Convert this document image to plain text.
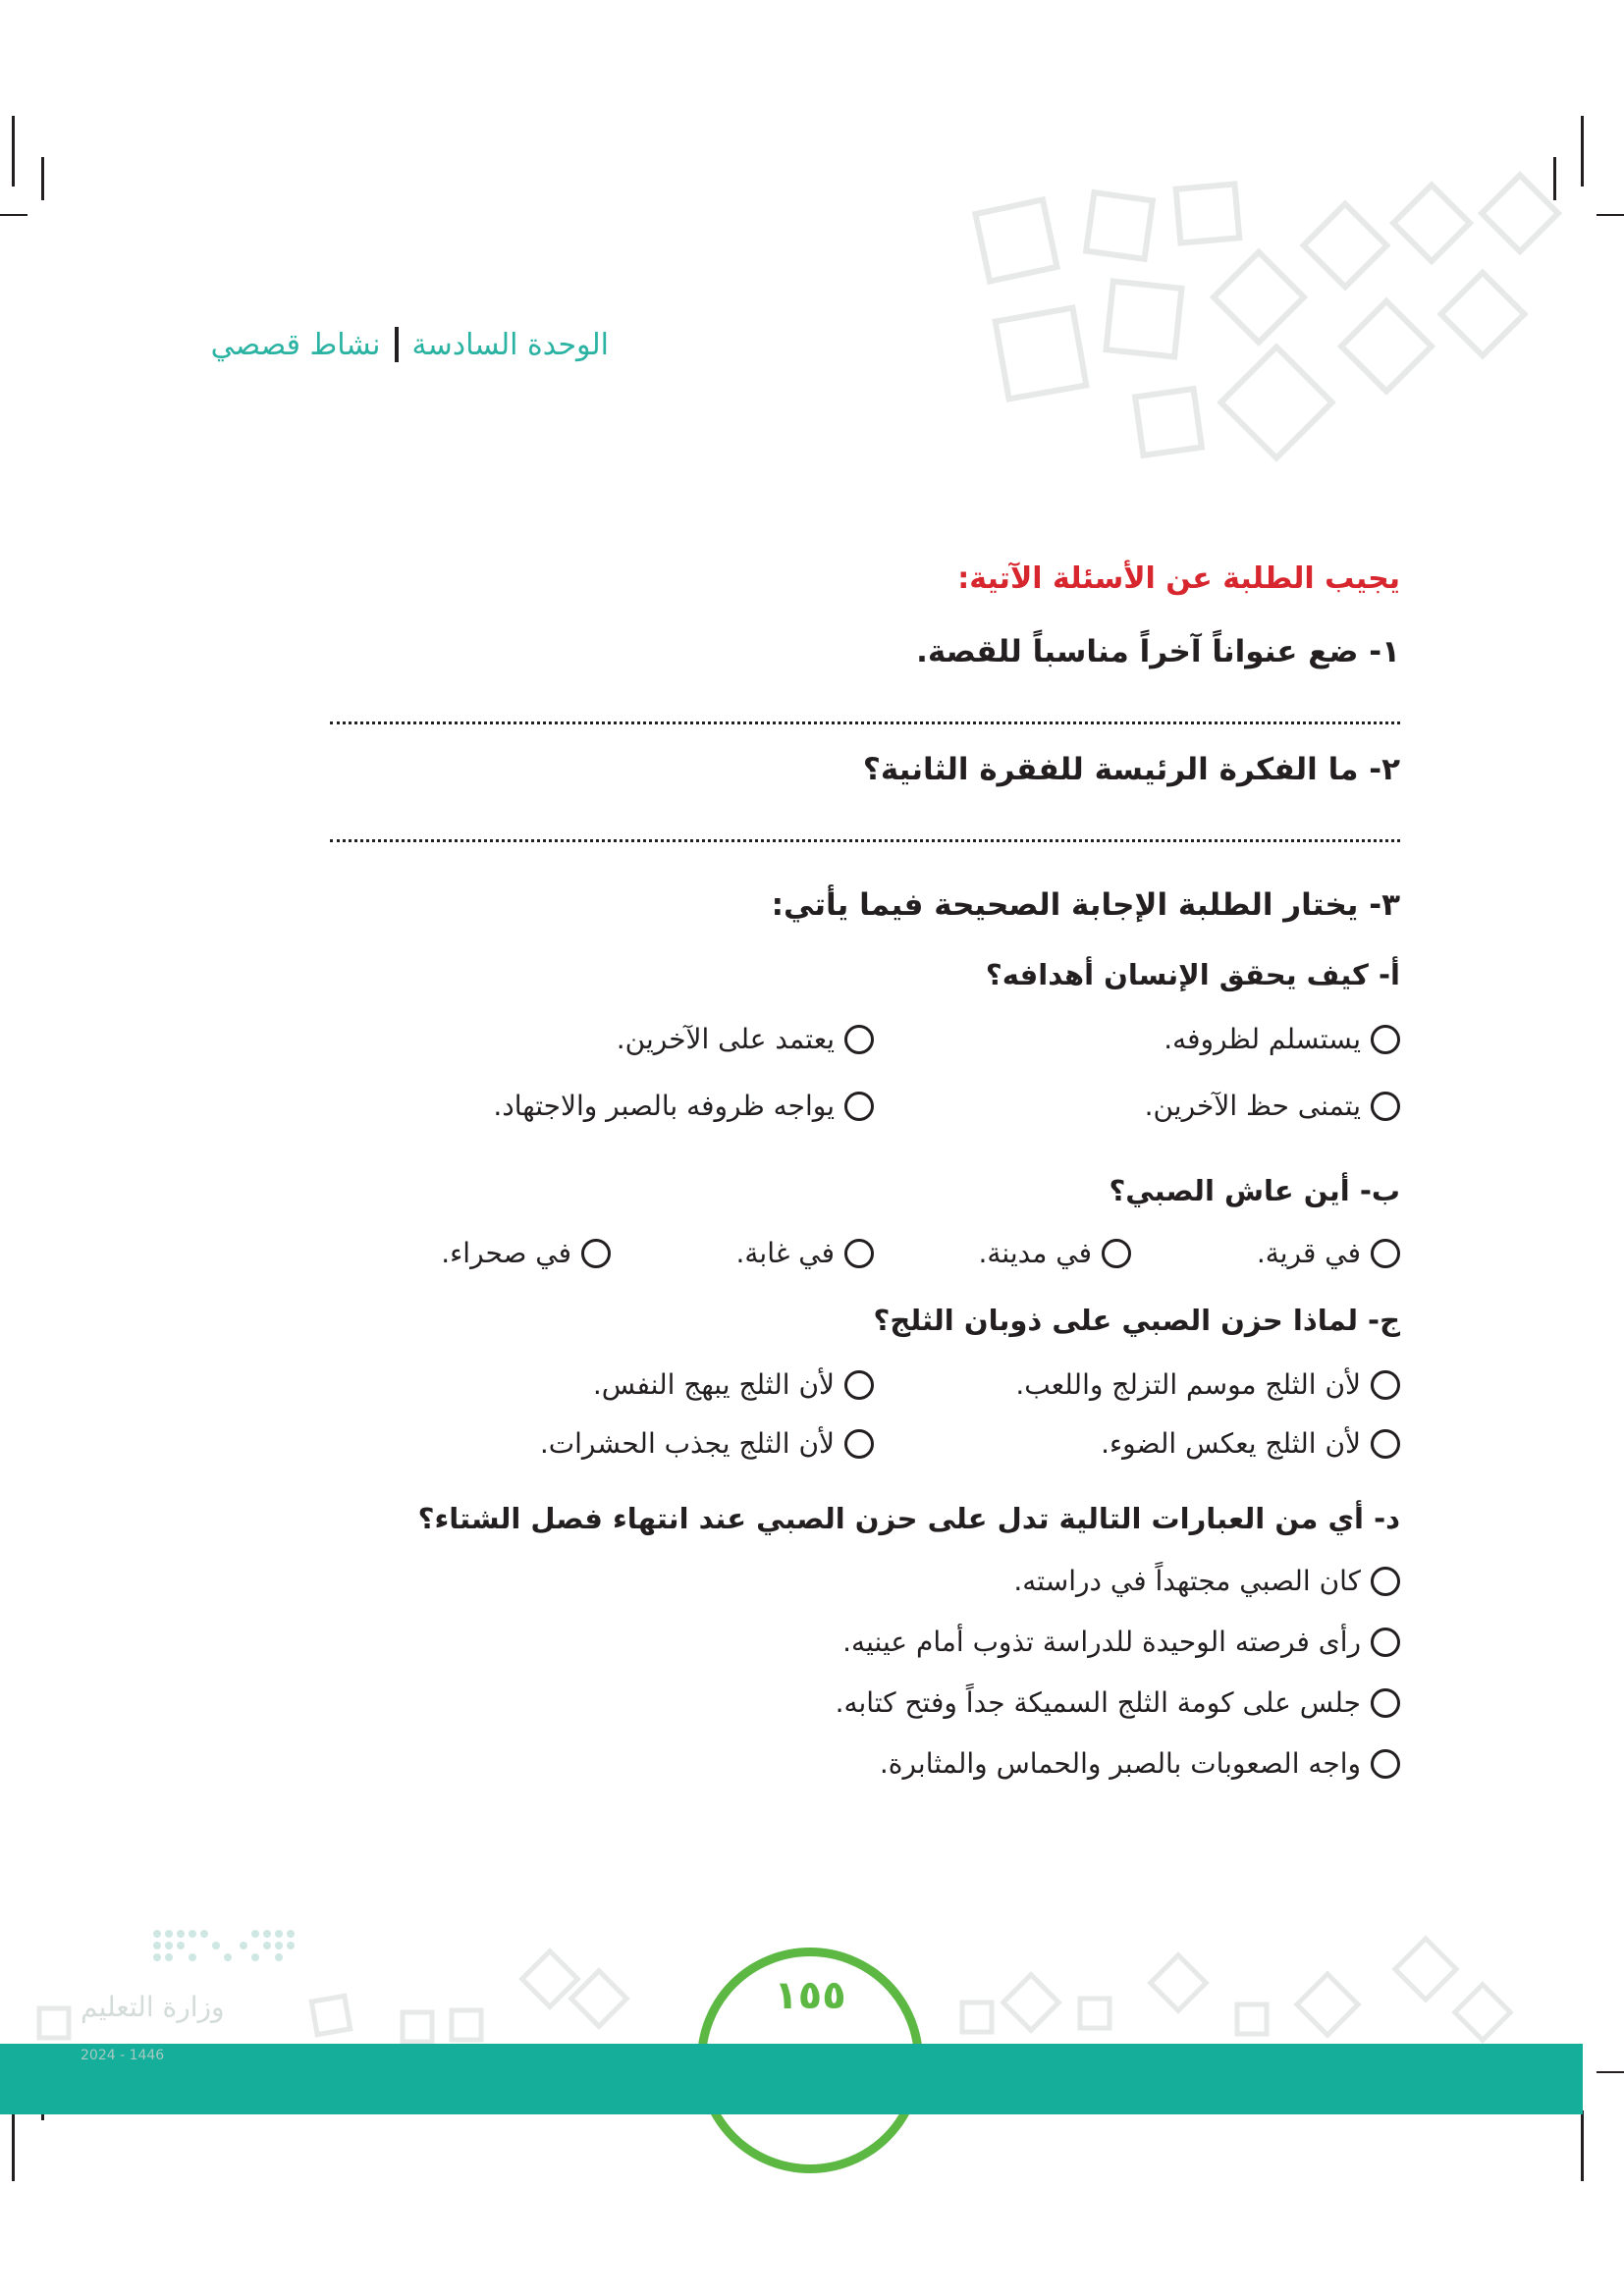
الوحدة السادسة
نشاط قصصي
يجيب الطلبة عن الأسئلة الآتية:
١- ضع عنواناً آخراً مناسباً للقصة.
٢- ما الفكرة الرئيسة للفقرة الثانية؟
٣- يختار الطلبة الإجابة الصحيحة فيما يأتي:
أ- كيف يحقق الإنسان أهدافه؟
يستسلم لظروفه.
يعتمد على الآخرين.
يتمنى حظ الآخرين.
يواجه ظروفه بالصبر والاجتهاد.
ب- أين عاش الصبي؟
في قرية.
في مدينة.
في غابة.
في صحراء.
ج- لماذا حزن الصبي على ذوبان الثلج؟
لأن الثلج موسم التزلج واللعب.
لأن الثلج يبهج النفس.
لأن الثلج يعكس الضوء.
لأن الثلج يجذب الحشرات.
د- أي من العبارات التالية تدل على حزن الصبي عند انتهاء فصل الشتاء؟
كان الصبي مجتهداً في دراسته.
رأى فرصته الوحيدة للدراسة تذوب أمام عينيه.
جلس على كومة الثلج السميكة جداً وفتح كتابه.
واجه الصعوبات بالصبر والحماس والمثابرة.
١٥٥
وزارة التعليم
2024 - 1446
